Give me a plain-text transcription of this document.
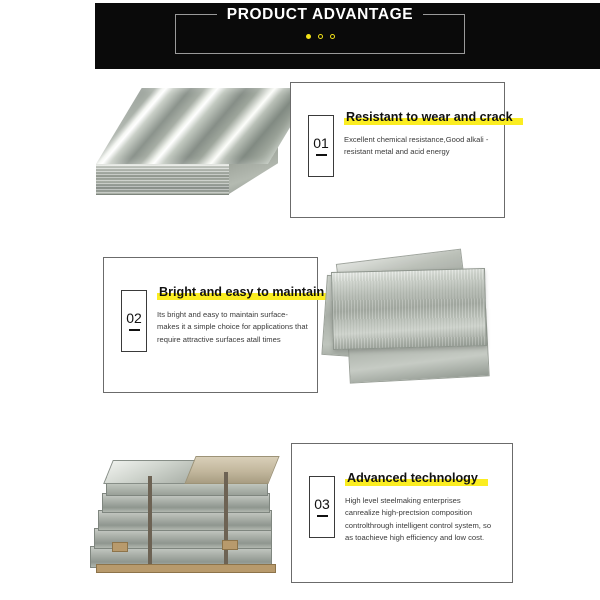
PRODUCT ADVANTAGE
01
Resistant to wear and crack
Excellent chemical resistance,Good alkali - resistant metal and acid energy
02
Bright and easy to maintain
Its bright and easy to maintain surface-makes it a simple choice for applications that require attractive surfaces atall times
03
Advanced technology
High level steelmaking enterprises canrealize high-prectsion composition controlthrough intelligent control system, so as toachieve high efficiency and low cost.
